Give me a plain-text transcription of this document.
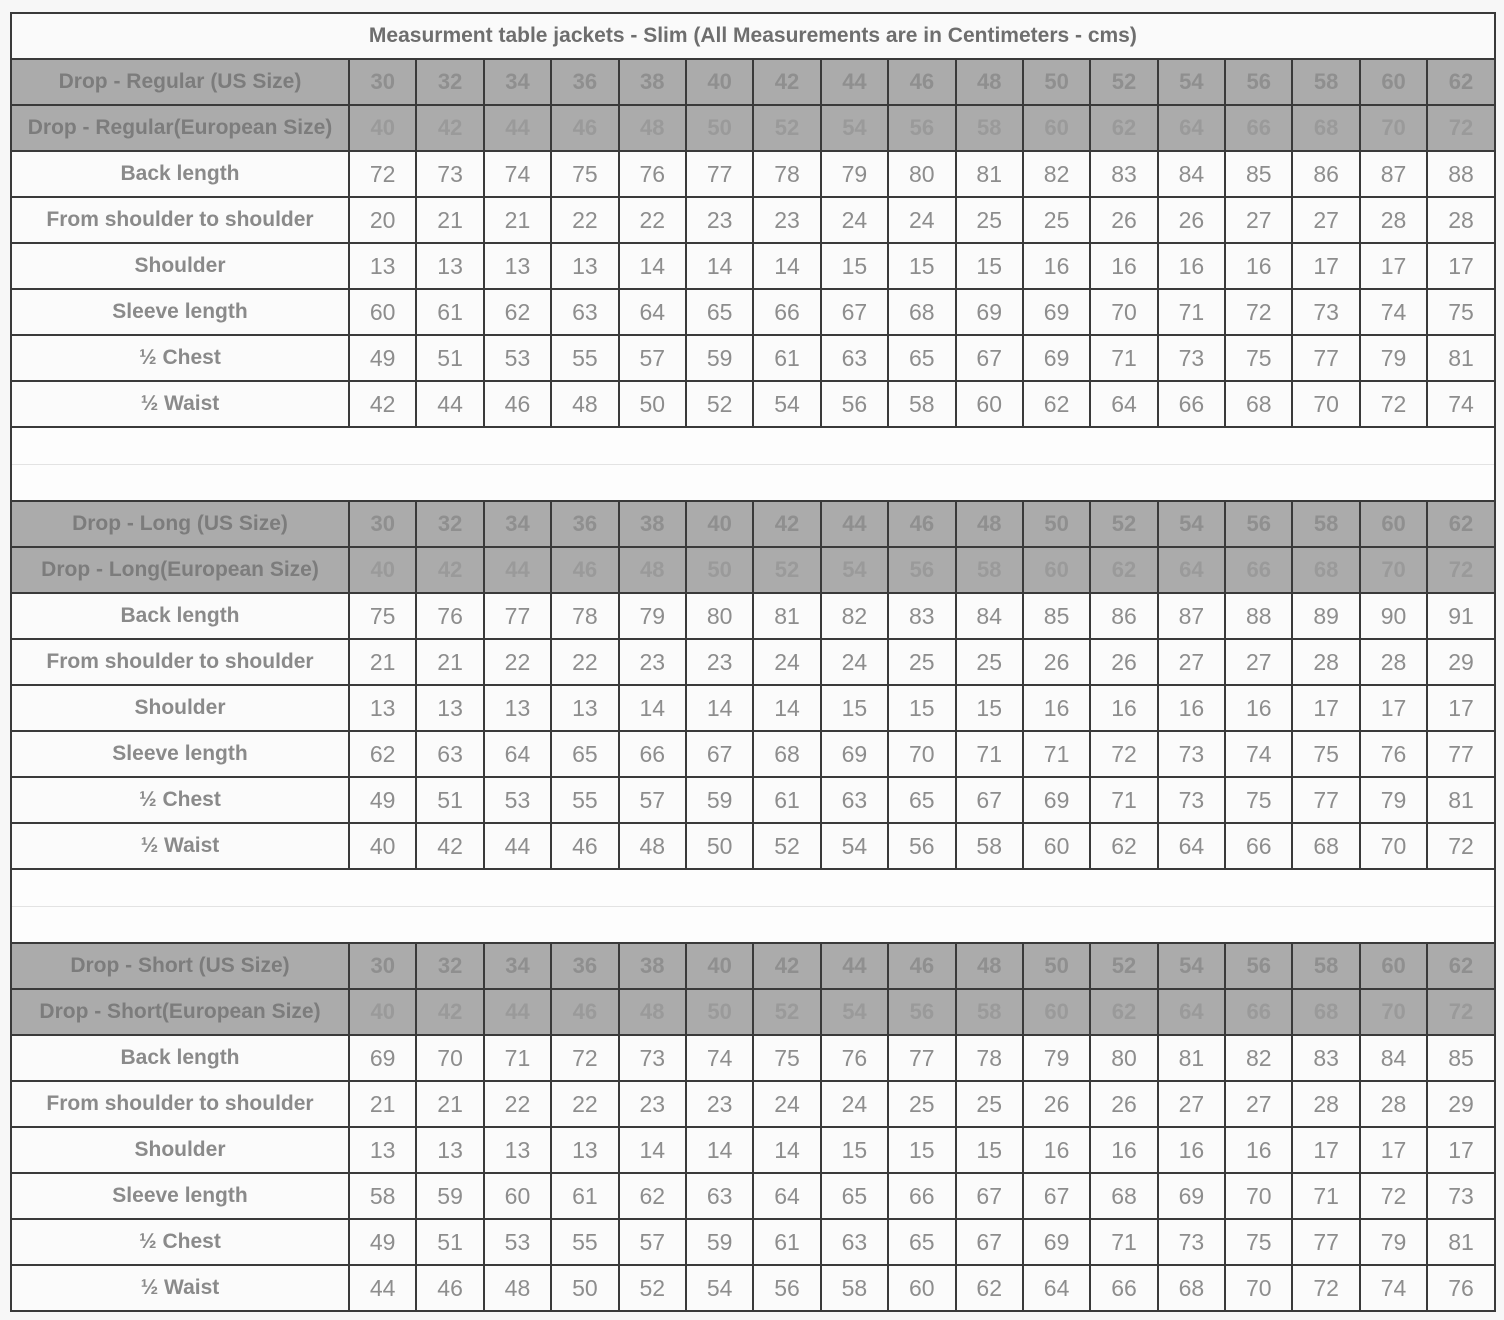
Measurment table jackets - Slim (All Measurements are in Centimeters - cms)																	
Drop - Regular (US Size)	30	32	34	36	38	40	42	44	46	48	50	52	54	56	58	60	62
Drop - Regular(European Size)	40	42	44	46	48	50	52	54	56	58	60	62	64	66	68	70	72
Back length	72	73	74	75	76	77	78	79	80	81	82	83	84	85	86	87	88
From shoulder to shoulder	20	21	21	22	22	23	23	24	24	25	25	26	26	27	27	28	28
Shoulder	13	13	13	13	14	14	14	15	15	15	16	16	16	16	17	17	17
Sleeve length	60	61	62	63	64	65	66	67	68	69	69	70	71	72	73	74	75
½ Chest	49	51	53	55	57	59	61	63	65	67	69	71	73	75	77	79	81
½ Waist	42	44	46	48	50	52	54	56	58	60	62	64	66	68	70	72	74

Drop - Long (US Size)	30	32	34	36	38	40	42	44	46	48	50	52	54	56	58	60	62
Drop - Long(European Size)	40	42	44	46	48	50	52	54	56	58	60	62	64	66	68	70	72
Back length	75	76	77	78	79	80	81	82	83	84	85	86	87	88	89	90	91
From shoulder to shoulder	21	21	22	22	23	23	24	24	25	25	26	26	27	27	28	28	29
Shoulder	13	13	13	13	14	14	14	15	15	15	16	16	16	16	17	17	17
Sleeve length	62	63	64	65	66	67	68	69	70	71	71	72	73	74	75	76	77
½ Chest	49	51	53	55	57	59	61	63	65	67	69	71	73	75	77	79	81
½ Waist	40	42	44	46	48	50	52	54	56	58	60	62	64	66	68	70	72

Drop - Short (US Size)	30	32	34	36	38	40	42	44	46	48	50	52	54	56	58	60	62
Drop - Short(European Size)	40	42	44	46	48	50	52	54	56	58	60	62	64	66	68	70	72
Back length	69	70	71	72	73	74	75	76	77	78	79	80	81	82	83	84	85
From shoulder to shoulder	21	21	22	22	23	23	24	24	25	25	26	26	27	27	28	28	29
Shoulder	13	13	13	13	14	14	14	15	15	15	16	16	16	16	17	17	17
Sleeve length	58	59	60	61	62	63	64	65	66	67	67	68	69	70	71	72	73
½ Chest	49	51	53	55	57	59	61	63	65	67	69	71	73	75	77	79	81
½ Waist	44	46	48	50	52	54	56	58	60	62	64	66	68	70	72	74	76
